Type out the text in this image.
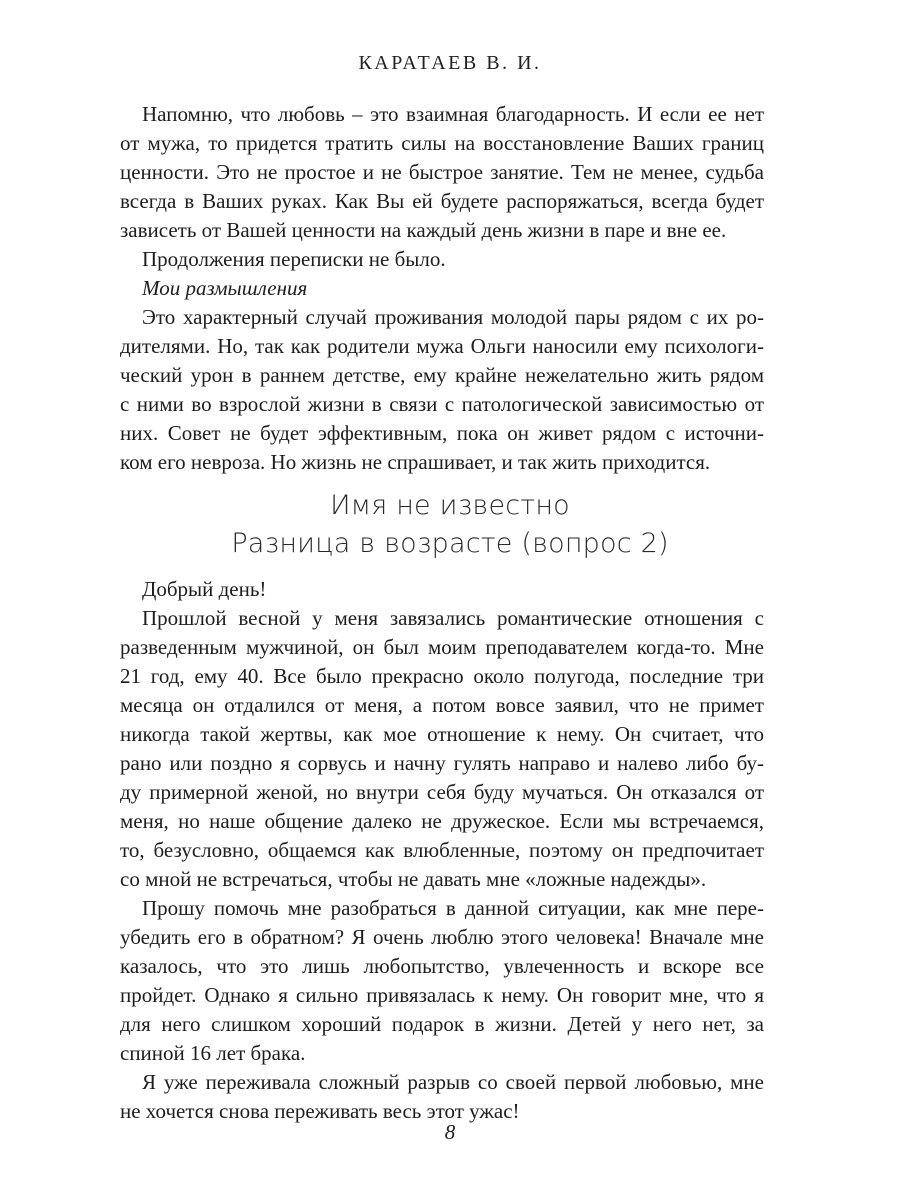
КАРАТАЕВ В. И.
Напомню, что любовь – это взаимная благодарность. И если ее нет
от мужа, то придется тратить силы на восстановление Ваших границ
ценности. Это не простое и не быстрое занятие. Тем не менее, судьба
всегда в Ваших руках. Как Вы ей будете распоряжаться, всегда будет
зависеть от Вашей ценности на каждый день жизни в паре и вне ее.
Продолжения переписки не было.
Мои размышления
Это характерный случай проживания молодой пары рядом с их ро-
дителями. Но, так как родители мужа Ольги наносили ему психологи-
ческий урон в раннем детстве, ему крайне нежелательно жить рядом
с ними во взрослой жизни в связи с патологической зависимостью от
них. Совет не будет эффективным, пока он живет рядом с источни-
ком его невроза. Но жизнь не спрашивает, и так жить приходится.
Имя не известно
Разница в возрасте (вопрос 2)
Добрый день!
Прошлой весной у меня завязались романтические отношения с
разведенным мужчиной, он был моим преподавателем когда-то. Мне
21 год, ему 40. Все было прекрасно около полугода, последние три
месяца он отдалился от меня, а потом вовсе заявил, что не примет
никогда такой жертвы, как мое отношение к нему. Он считает, что
рано или поздно я сорвусь и начну гулять направо и налево либо бу-
ду примерной женой, но внутри себя буду мучаться. Он отказался от
меня, но наше общение далеко не дружеское. Если мы встречаемся,
то, безусловно, общаемся как влюбленные, поэтому он предпочитает
со мной не встречаться, чтобы не давать мне «ложные надежды».
Прошу помочь мне разобраться в данной ситуации, как мне пере-
убедить его в обратном? Я очень люблю этого человека! Вначале мне
казалось, что это лишь любопытство, увлеченность и вскоре все
пройдет. Однако я сильно привязалась к нему. Он говорит мне, что я
для него слишком хороший подарок в жизни. Детей у него нет, за
спиной 16 лет брака.
Я уже переживала сложный разрыв со своей первой любовью, мне
не хочется снова переживать весь этот ужас!
8
